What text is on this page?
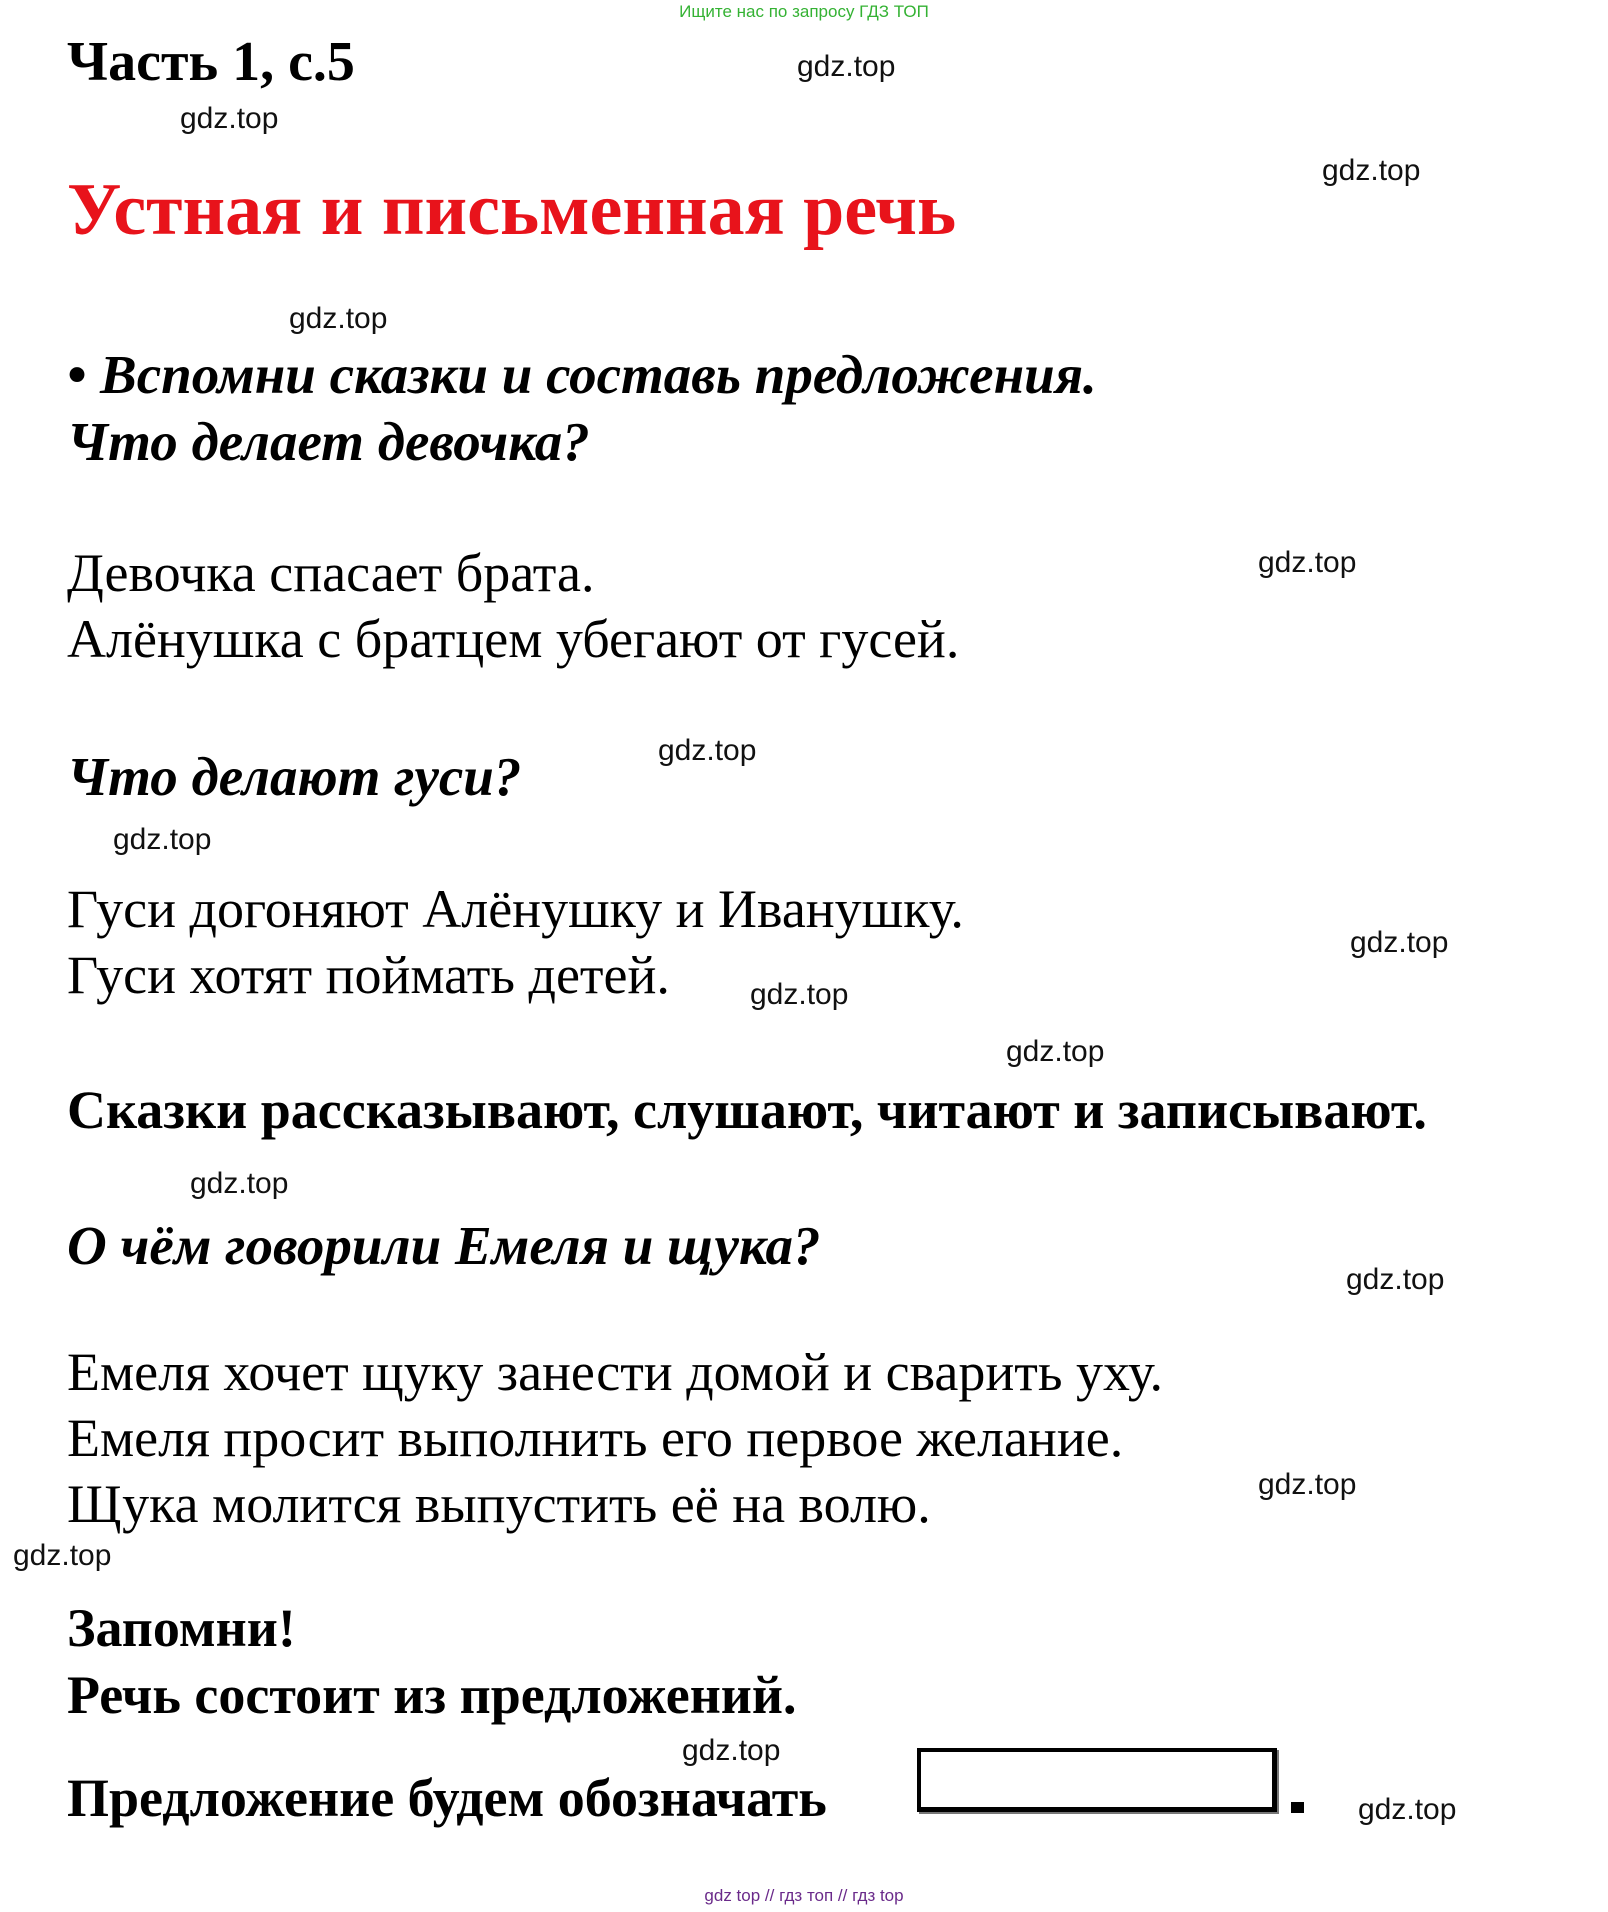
Ищите нас по запросу ГДЗ ТОП
Часть 1, с.5
Устная и письменная речь
• Вспомни сказки и составь предложения.
Что делает девочка?
Девочка спасает брата.
Алёнушка с братцем убегают от гусей.
Что делают гуси?
Гуси догоняют Алёнушку и Иванушку.
Гуси хотят поймать детей.
Сказки рассказывают, слушают, читают и записывают.
О чём говорили Емеля и щука?
Емеля хочет щуку занести домой и сварить уху.
Емеля просит выполнить его первое желание.
Щука молится выпустить её на волю.
Запомни!
Речь состоит из предложений.
Предложение будем обозначать
gdz.top
gdz.top
gdz.top
gdz.top
gdz.top
gdz.top
gdz.top
gdz.top
gdz.top
gdz.top
gdz.top
gdz.top
gdz.top
gdz.top
gdz.top
gdz.top
gdz top // гдз топ // гдз top
